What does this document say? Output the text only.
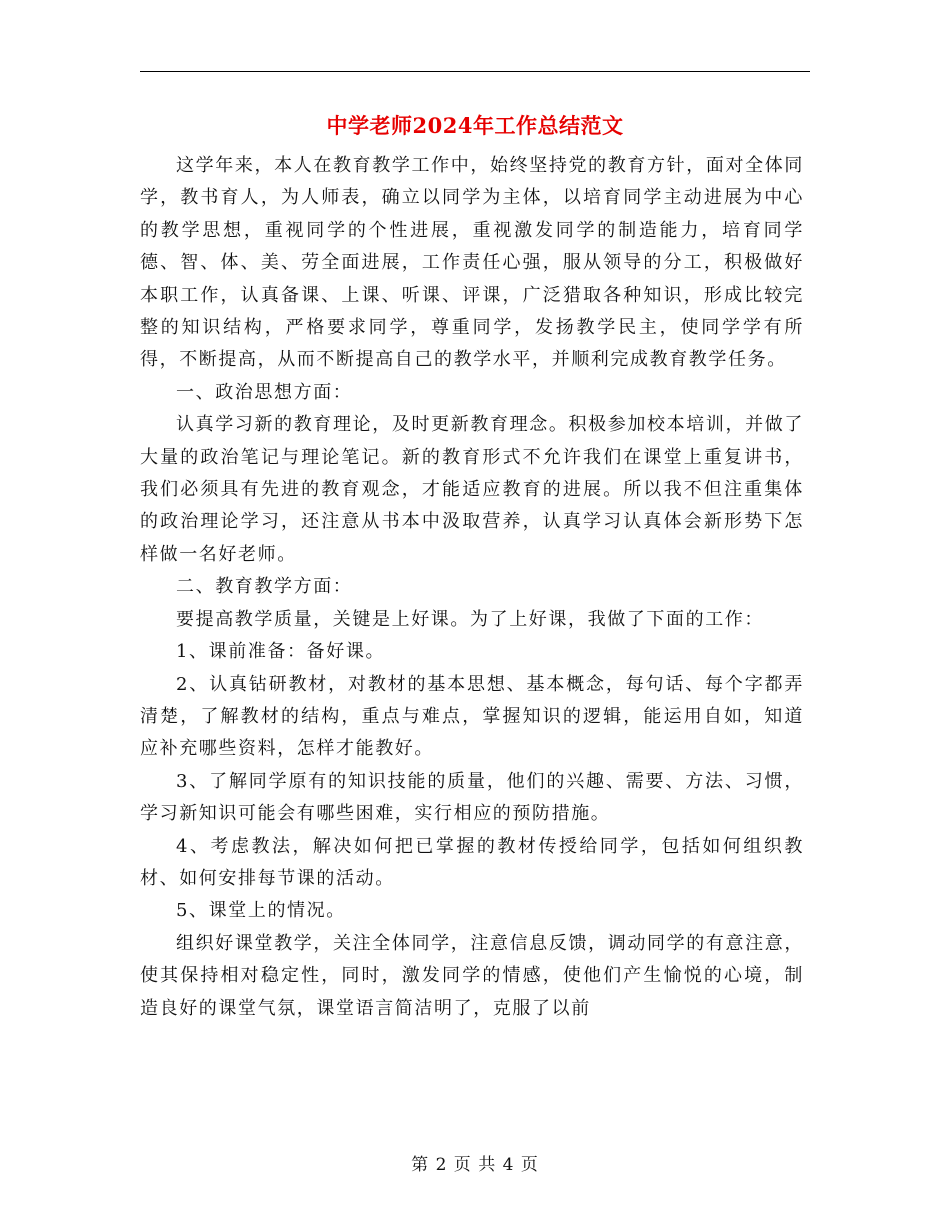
中学老师2024年工作总结范文

这学年来，本人在教育教学工作中，始终坚持党的教育方针，面对全体同学，教书育人，为人师表，确立以同学为主体，以培育同学主动进展为中心的教学思想，重视同学的个性进展，重视激发同学的制造能力，培育同学德、智、体、美、劳全面进展，工作责任心强，服从领导的分工，积极做好本职工作，认真备课、上课、听课、评课，广泛猎取各种知识，形成比较完整的知识结构，严格要求同学，尊重同学，发扬教学民主，使同学学有所得，不断提高，从而不断提高自己的教学水平，并顺利完成教育教学任务。

一、政治思想方面：

认真学习新的教育理论，及时更新教育理念。积极参加校本培训，并做了大量的政治笔记与理论笔记。新的教育形式不允许我们在课堂上重复讲书，我们必须具有先进的教育观念，才能适应教育的进展。所以我不但注重集体的政治理论学习，还注意从书本中汲取营养，认真学习认真体会新形势下怎样做一名好老师。

二、教育教学方面：

要提高教学质量，关键是上好课。为了上好课，我做了下面的工作：

1、课前准备：备好课。

2、认真钻研教材，对教材的基本思想、基本概念，每句话、每个字都弄清楚，了解教材的结构，重点与难点，掌握知识的逻辑，能运用自如，知道应补充哪些资料，怎样才能教好。

3、了解同学原有的知识技能的质量，他们的兴趣、需要、方法、习惯，学习新知识可能会有哪些困难，实行相应的预防措施。

4、考虑教法，解决如何把已掌握的教材传授给同学，包括如何组织教材、如何安排每节课的活动。

5、课堂上的情况。

组织好课堂教学，关注全体同学，注意信息反馈，调动同学的有意注意，使其保持相对稳定性，同时，激发同学的情感，使他们产生愉悦的心境，制造良好的课堂气氛，课堂语言简洁明了，克服了以前

第 2 页 共 4 页
